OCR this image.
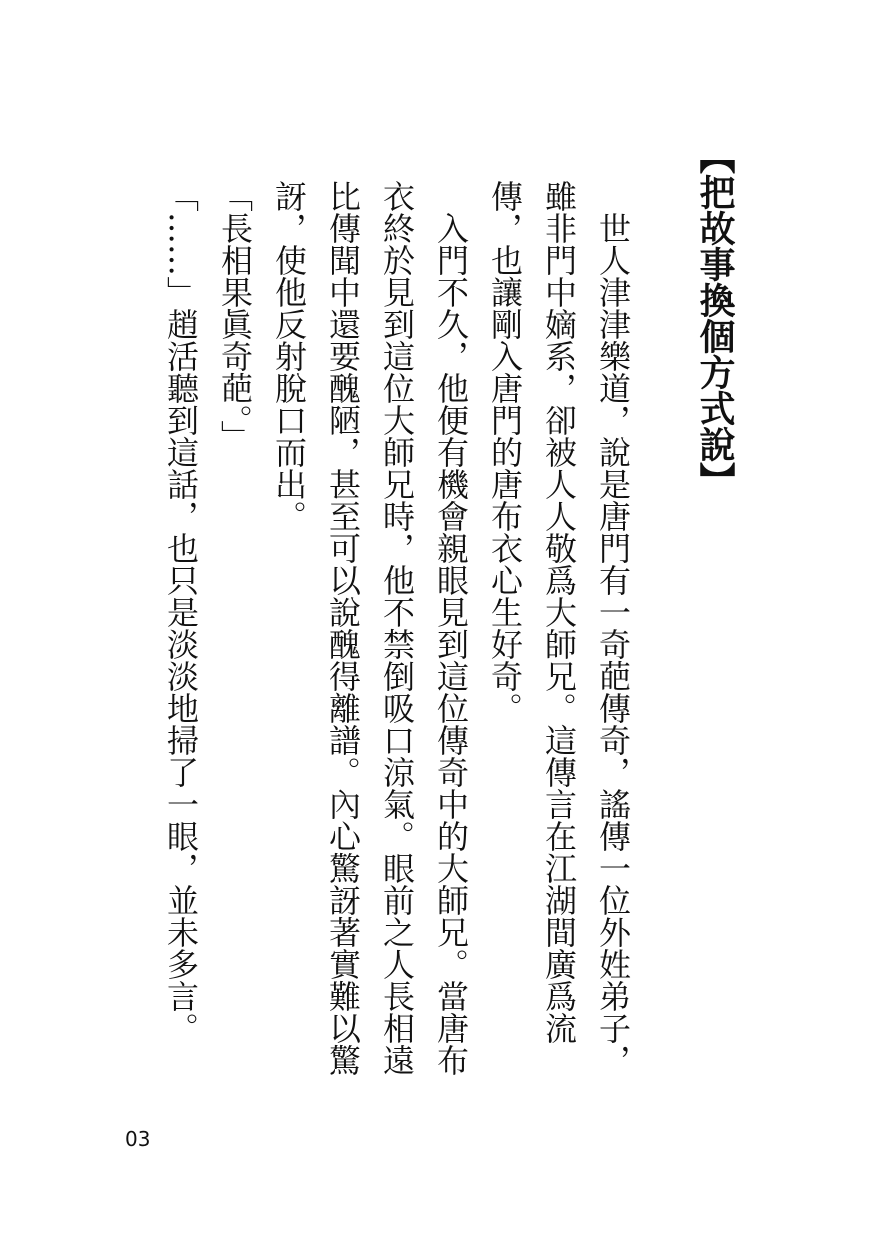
【把故事換個方式說】

世人津津樂道，說是唐門有一奇葩傳奇，謠傳一位外姓弟子，雖非門中嫡系，卻被人人敬爲大師兄。這傳言在江湖間廣爲流傳，也讓剛入唐門的唐布衣心生好奇。

入門不久，他便有機會親眼見到這位傳奇中的大師兄。當唐布衣終於見到這位大師兄時，他不禁倒吸口涼氣。眼前之人長相遠比傳聞中還要醜陋，甚至可以說醜得離譜。內心驚訝著實難以驚訝，使他反射脫口而出。

「長相果眞奇葩。」

「……」趙活聽到這話，也只是淡淡地掃了一眼，並未多言。

03
